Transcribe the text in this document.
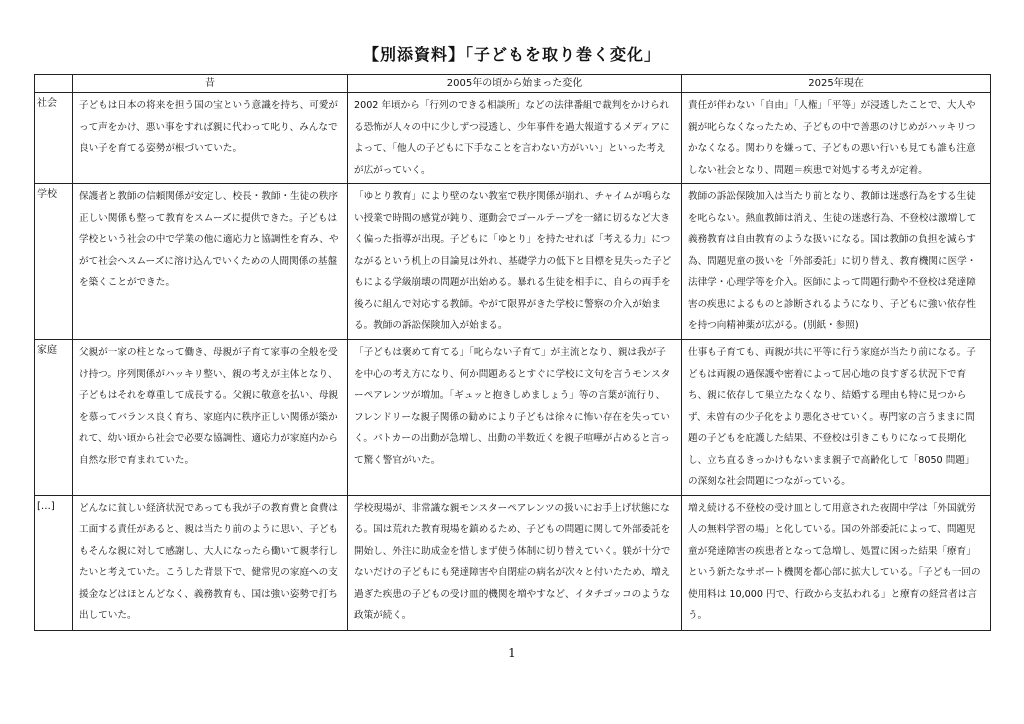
【別添資料】「子どもを取り巻く変化」
	昔	2005年の頃から始まった変化	2025年現在
社会	子どもは日本の将来を担う国の宝という意識を持ち、可愛がって声をかけ、悪い事をすれば親に代わって叱り、みんなで良い子を育てる姿勢が根づいていた。	2002 年頃から「行列のできる相談所」などの法律番組で裁判をかけられる恐怖が人々の中に少しずつ浸透し、少年事件を過大報道するメディアによって、「他人の子どもに下手なことを言わない方がいい」といった考えが広がっていく。	責任が伴わない「自由」「人権」「平等」が浸透したことで、大人や親が叱らなくなったため、子どもの中で善悪のけじめがハッキリつかなくなる。関わりを嫌って、子どもの悪い行いも見ても誰も注意しない社会となり、問題＝疾患で対処する考えが定着。

学校	保護者と教師の信頼関係が安定し、校長・教師・生徒の秩序正しい関係も整って教育をスムーズに提供できた。子どもは学校という社会の中で学業の他に適応力と協調性を育み、やがて社会へスムーズに溶け込んでいくための人間関係の基盤を築くことができた。	「ゆとり教育」により壁のない教室で秩序関係が崩れ、チャイムが鳴らない授業で時間の感覚が鈍り、運動会でゴールテープを一緒に切るなど大きく偏った指導が出現。子どもに「ゆとり」を持たせれば「考える力」につながるという机上の目論見は外れ、基礎学力の低下と目標を見失った子どもによる学級崩壊の問題が出始める。暴れる生徒を相手に、自らの両手を後ろに組んで対応する教師。やがて限界がきた学校に警察の介入が始まる。教師の訴訟保険加入が始まる。	教師の訴訟保険加入は当たり前となり、教師は迷惑行為をする生徒を叱らない。熱血教師は消え、生徒の迷惑行為、不登校は激増して義務教育は自由教育のような扱いになる。国は教師の負担を減らす為、問題児童の扱いを「外部委託」に切り替え、教育機関に医学・法律学・心理学等を介入。医師によって問題行動や不登校は発達障害の疾患によるものと診断されるようになり、子どもに強い依存性を持つ向精神薬が広がる。(別紙・参照)

家庭	父親が一家の柱となって働き、母親が子育て家事の全般を受け持つ。序列関係がハッキリ整い、親の考えが主体となり、子どもはそれを尊重して成長する。父親に敬意を払い、母親を慕ってバランス良く育ち、家庭内に秩序正しい関係が築かれて、幼い頃から社会で必要な協調性、適応力が家庭内から自然な形で育まれていた。	「子どもは褒めて育てる」「叱らない子育て」が主流となり、親は我が子を中心の考え方になり、何か問題あるとすぐに学校に文句を言うモンスターペアレンツが増加。「ギュッと抱きしめましょう」等の言葉が流行り、フレンドリーな親子関係の勧めにより子どもは徐々に怖い存在を失っていく。パトカーの出動が急増し、出動の半数近くを親子喧嘩が占めると言って驚く警官がいた。	仕事も子育ても、両親が共に平等に行う家庭が当たり前になる。子どもは両親の過保護や密着によって居心地の良すぎる状況下で育ち、親に依存して巣立たなくなり、結婚する理由も特に見つからず、未曽有の少子化をより悪化させていく。専門家の言うままに問題の子どもを庇護した結果、不登校は引きこもりになって長期化し、立ち直るきっかけもないまま親子で高齢化して「8050 問題」の深刻な社会問題につながっている。

[…]	どんなに貧しい経済状況であっても我が子の教育費と食費は工面する責任があると、親は当たり前のように思い、子どももそんな親に対して感謝し、大人になったら働いて親孝行したいと考えていた。こうした背景下で、健常児の家庭への支援金などはほとんどなく、義務教育も、国は強い姿勢で打ち出していた。	学校現場が、非常識な親モンスターペアレンツの扱いにお手上げ状態になる。国は荒れた教育現場を鎮めるため、子どもの問題に関して外部委託を開始し、外注に助成金を惜しまず使う体制に切り替えていく。躾が十分でないだけの子どもにも発達障害や自閉症の病名が次々と付いたため、増え過ぎた疾患の子どもの受け皿的機関を増やすなど、イタチゴッコのような政策が続く。	増え続ける不登校の受け皿として用意された夜間中学は「外国就労人の無料学習の場」と化している。国の外部委託によって、問題児童が発達障害の疾患者となって急増し、処置に困った結果「療育」という新たなサポート機関を都心部に拡大している。「子ども一回の使用料は 10,000 円で、行政から支払われる」と療育の経営者は言う。
1
